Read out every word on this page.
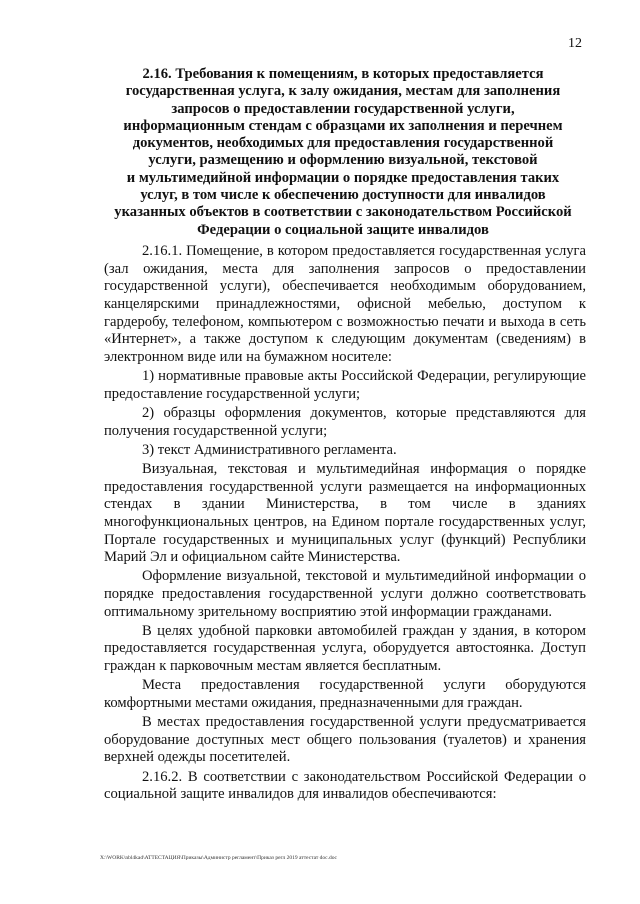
12
2.16. Требования к помещениям, в которых предоставляется
государственная услуга, к залу ожидания, местам для заполнения
запросов о предоставлении государственной услуги,
информационным стендам с образцами их заполнения и перечнем
документов, необходимых для предоставления государственной
услуги, размещению и оформлению визуальной, текстовой
и мультимедийной информации о порядке предоставления таких
услуг, в том числе к обеспечению доступности для инвалидов
указанных объектов в соответствии с законодательством Российской
Федерации о социальной защите инвалидов

2.16.1. Помещение, в котором предоставляется государственная услуга (зал ожидания, места для заполнения запросов о предоставлении государственной услуги), обеспечивается необходимым оборудованием, канцелярскими принадлежностями, офисной мебелью, доступом к гардеробу, телефоном, компьютером с возможностью печати и выхода в сеть «Интернет», а также доступом к следующим документам (сведениям) в электронном виде или на бумажном носителе:

1) нормативные правовые акты Российской Федерации, регулирующие предоставление государственной услуги;

2) образцы оформления документов, которые представляются для получения государственной услуги;

3) текст Административного регламента.

Визуальная, текстовая и мультимедийная информация о порядке предоставления государственной услуги размещается на информационных стендах в здании Министерства, в том числе в зданиях многофункциональных центров, на Едином портале государственных услуг, Портале государственных и муниципальных услуг (функций) Республики Марий Эл и официальном сайте Министерства.

Оформление визуальной, текстовой и мультимедийной информации о порядке предоставления государственной услуги должно соответствовать оптимальному зрительному восприятию этой информации гражданами.

В целях удобной парковки автомобилей граждан у здания, в котором предоставляется государственная услуга, оборудуется автостоянка. Доступ граждан к парковочным местам является бесплатным.

Места предоставления государственной услуги оборудуются комфортными местами ожидания, предназначенными для граждан.

В местах предоставления государственной услуги предусматривается оборудование доступных мест общего пользования (туалетов) и хранения верхней одежды посетителей.

2.16.2. В соответствии с законодательством Российской Федерации о социальной защите инвалидов для инвалидов обеспечиваются:

X:\WORK\nbl4kad\ATTECTAЦИЯ\Приказы\Администр регламент\Приказ регл 2019 аттестат doc.doc
